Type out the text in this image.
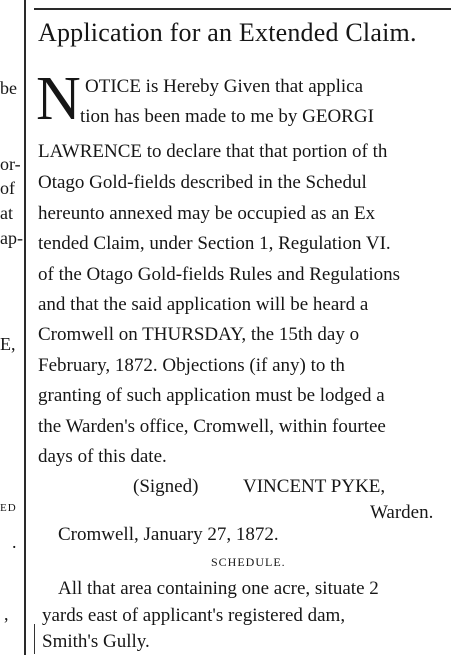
be
or-
of
at
ap-
E,
ED
.
,
Application for an Extended Claim.
N OTICE is Hereby Given that applica
tion has been made to me by GEORGI
LAWRENCE to declare that that portion of th
Otago Gold-fields described in the Schedul
hereunto annexed may be occupied as an Ex
tended Claim, under Section 1, Regulation VI.
of the Otago Gold-fields Rules and Regulations
and that the said application will be heard a
Cromwell on THURSDAY, the 15th day o
February, 1872. Objections (if any) to th
granting of such application must be lodged a
the Warden's office, Cromwell, within fourtee
days of this date.
(Signed) VINCENT PYKE,
Warden.
Cromwell, January 27, 1872.
SCHEDULE.
All that area containing one acre, situate 2
yards east of applicant's registered dam,
Smith's Gully.
